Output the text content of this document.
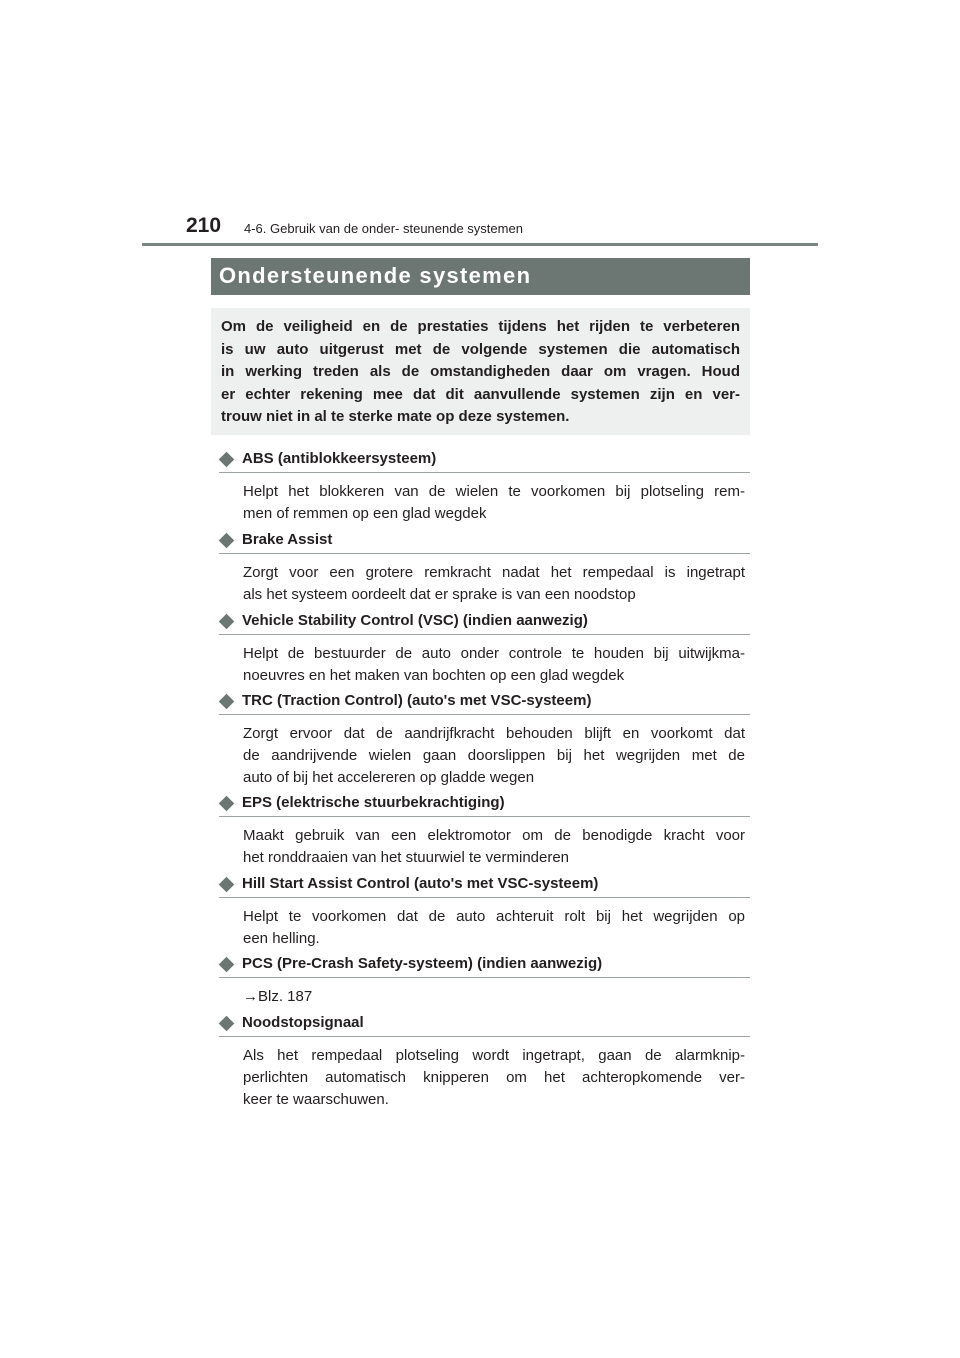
210 4-6. Gebruik van de onder- steunende systemen
Ondersteunende systemen
Om de veiligheid en de prestaties tijdens het rijden te verbeteren
is uw auto uitgerust met de volgende systemen die automatisch
in werking treden als de omstandigheden daar om vragen. Houd
er echter rekening mee dat dit aanvullende systemen zijn en ver-
trouw niet in al te sterke mate op deze systemen.
ABS (antiblokkeersysteem)
Helpt het blokkeren van de wielen te voorkomen bij plotseling rem-
men of remmen op een glad wegdek
Brake Assist
Zorgt voor een grotere remkracht nadat het rempedaal is ingetrapt
als het systeem oordeelt dat er sprake is van een noodstop
Vehicle Stability Control (VSC) (indien aanwezig)
Helpt de bestuurder de auto onder controle te houden bij uitwijkma-
noeuvres en het maken van bochten op een glad wegdek
TRC (Traction Control) (auto's met VSC-systeem)
Zorgt ervoor dat de aandrijfkracht behouden blijft en voorkomt dat
de aandrijvende wielen gaan doorslippen bij het wegrijden met de
auto of bij het accelereren op gladde wegen
EPS (elektrische stuurbekrachtiging)
Maakt gebruik van een elektromotor om de benodigde kracht voor
het ronddraaien van het stuurwiel te verminderen
Hill Start Assist Control (auto's met VSC-systeem)
Helpt te voorkomen dat de auto achteruit rolt bij het wegrijden op
een helling.
PCS (Pre-Crash Safety-systeem) (indien aanwezig)
→Blz. 187
Noodstopsignaal
Als het rempedaal plotseling wordt ingetrapt, gaan de alarmknip-
perlichten automatisch knipperen om het achteropkomende ver-
keer te waarschuwen.
